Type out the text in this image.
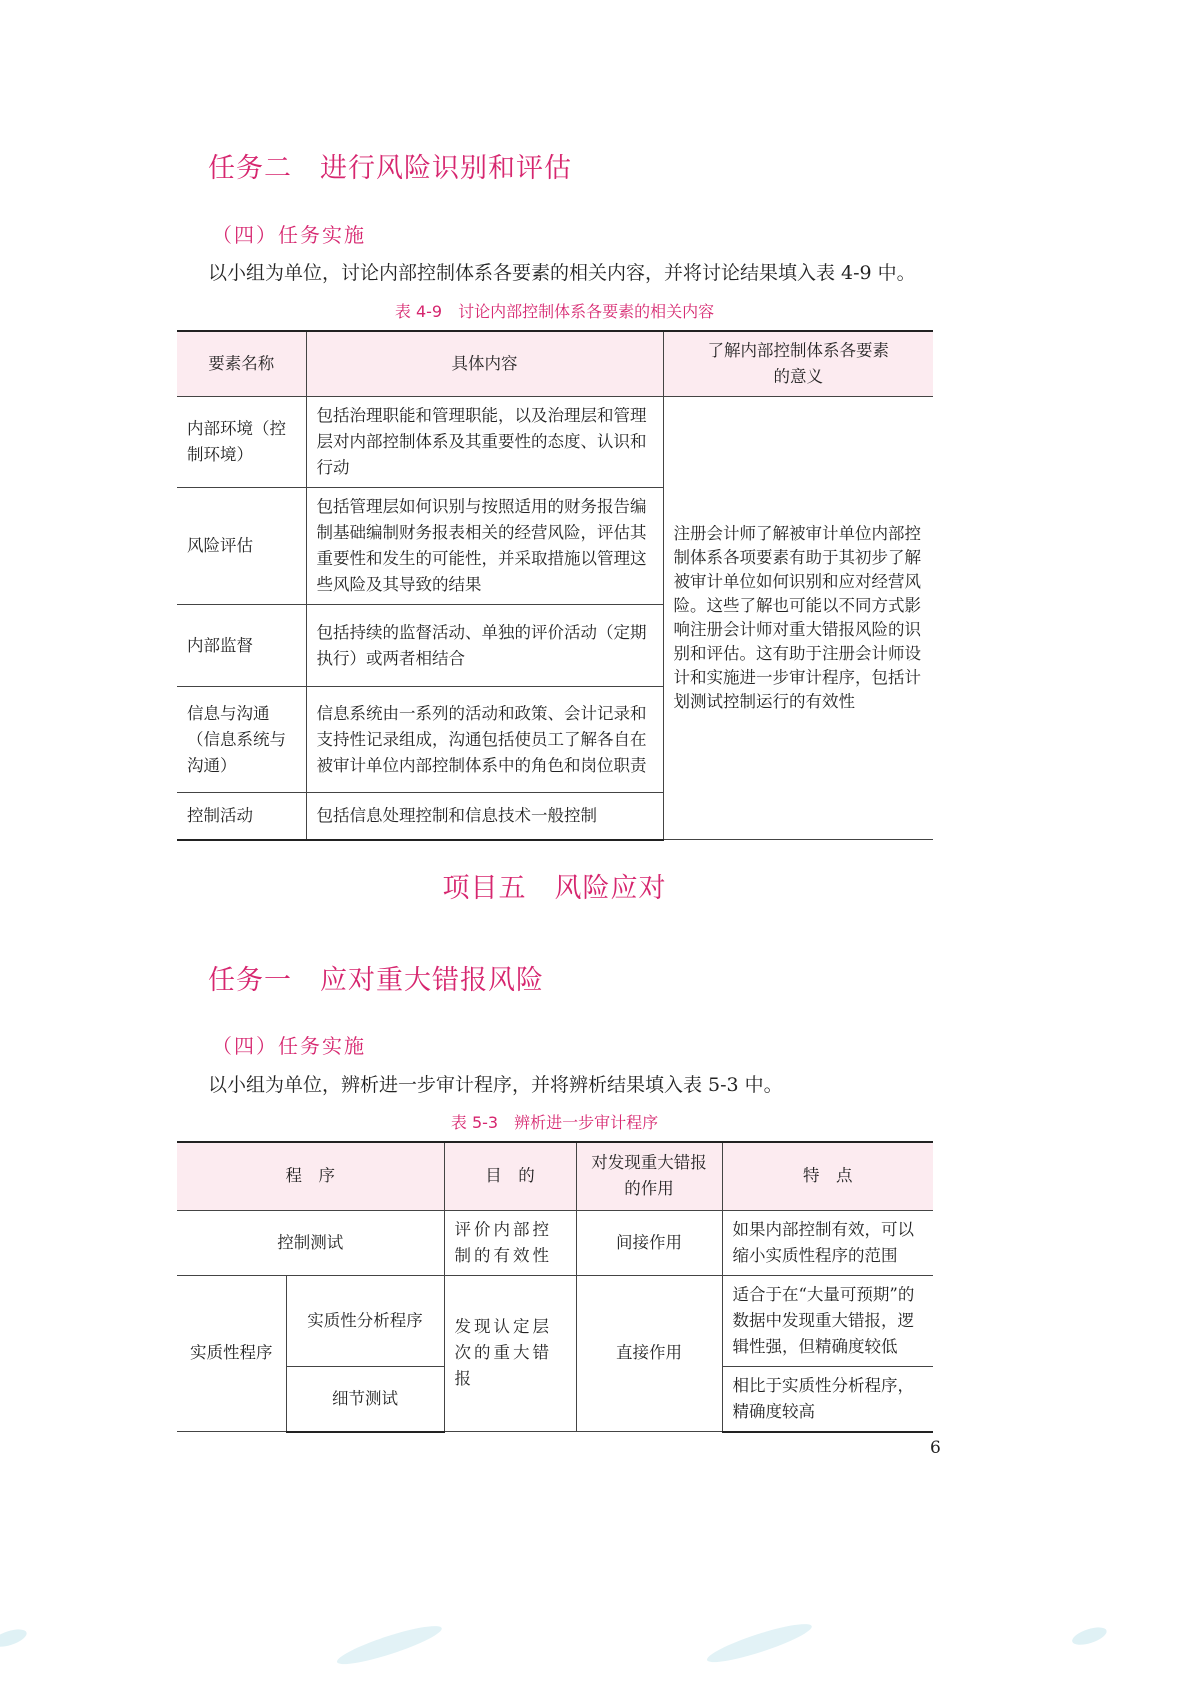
任务二　进行风险识别和评估
（四）任务实施
以小组为单位，讨论内部控制体系各要素的相关内容，并将讨论结果填入表 4-9 中。
表 4-9　讨论内部控制体系各要素的相关内容
要素名称	具体内容	了解内部控制体系各要素的意义
内部环境（控制环境）	包括治理职能和管理职能，以及治理层和管理层对内部控制体系及其重要性的态度、认识和行动	注册会计师了解被审计单位内部控制体系各项要素有助于其初步了解被审计单位如何识别和应对经营风险。这些了解也可能以不同方式影响注册会计师对重大错报风险的识别和评估。这有助于注册会计师设计和实施进一步审计程序，包括计划测试控制运行的有效性
风险评估	包括管理层如何识别与按照适用的财务报告编制基础编制财务报表相关的经营风险，评估其重要性和发生的可能性，并采取措施以管理这些风险及其导致的结果	
内部监督	包括持续的监督活动、单独的评价活动（定期执行）或两者相结合	
信息与沟通（信息系统与沟通）	信息系统由一系列的活动和政策、会计记录和支持性记录组成，沟通包括使员工了解各自在被审计单位内部控制体系中的角色和岗位职责	
控制活动	包括信息处理控制和信息技术一般控制	
项目五　风险应对
任务一　应对重大错报风险
（四）任务实施
以小组为单位，辨析进一步审计程序，并将辨析结果填入表 5-3 中。
表 5-3　辨析进一步审计程序
程　序		目　的	对发现重大错报的作用	特　点
控制测试		评价内部控制的有效性	间接作用	如果内部控制有效，可以缩小实质性程序的范围
实质性程序	实质性分析程序	发现认定层次的重大错报	直接作用	适合于在“大量可预期”的数据中发现重大错报，逻辑性强，但精确度较低
	细节测试			相比于实质性分析程序，精确度较高
6
